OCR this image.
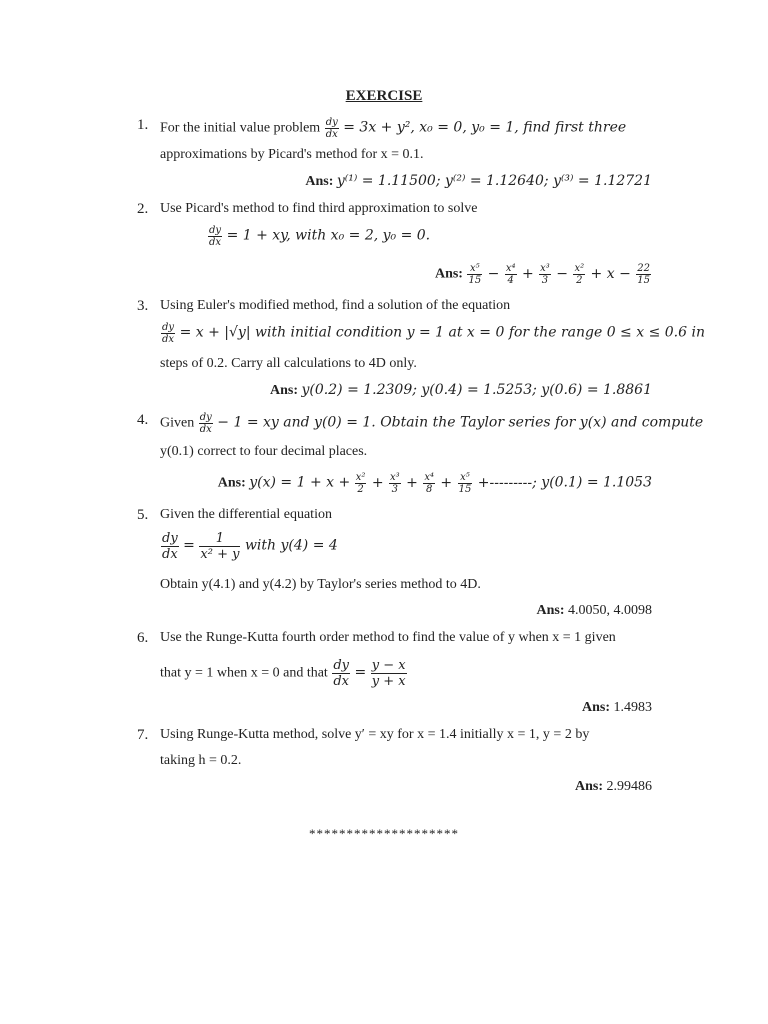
EXERCISE
1. For the initial value problem $\frac{dy}{dx} = 3x + y^2$, x₀ = 0, y₀ = 1, find first three
approximations by Picard's method for x = 0.1.
Ans: y⁽¹⁾ = 1.11500; y⁽²⁾ = 1.12640; y⁽³⁾ = 1.12721
2. Use Picard's method to find third approximation to solve
$\frac{dy}{dx} = 1$ + xy, with x₀ = 2, y₀ = 0.
Ans: $\frac{\text{x⁵}}{15} - \frac{\text{x⁴}}{4} + \frac{\text{x³}}{3} - \frac{\text{x²}}{2} + x - \frac{22}{15}$
3. Using Euler's modified method, find a solution of the equation
$\frac{dy}{dx} = x + |√y|$ with initial condition y = 1 at x = 0 for the range 0 ≤ x ≤ 0.6 in
steps of 0.2. Carry all calculations to 4D only.
Ans: y(0.2) = 1.2309; y(0.4) = 1.5253; y(0.6) = 1.8861
4. Given $\frac{dy}{dx} - 1$ = xy and y(0) = 1. Obtain the Taylor series for y(x) and compute
y(0.1) correct to four decimal places.
Ans: $y(x) = 1 + x + \frac{\text{x²}}{2} + \frac{\text{x³}}{3} + \frac{\text{x⁴}}{8} + \frac{\text{x⁵}}{15}$ +---------; y(0.1) = 1.1053
5. Given the differential equation
$\frac{dy}{dx} = \frac{1}{\text{x² + y}}$ with y(4) = 4
Obtain y(4.1) and y(4.2) by Taylor's series method to 4D.
Ans: 4.0050, 4.0098
6. Use the Runge-Kutta fourth order method to find the value of y when x = 1 given
that y = 1 when x = 0 and that $\frac{dy}{dx} = \frac{y - x}{y + x}$
Ans: 1.4983
7. Using Runge-Kutta method, solve y′ = xy for x = 1.4 initially x = 1, y = 2 by
taking h = 0.2.
Ans: 2.99486
********************
